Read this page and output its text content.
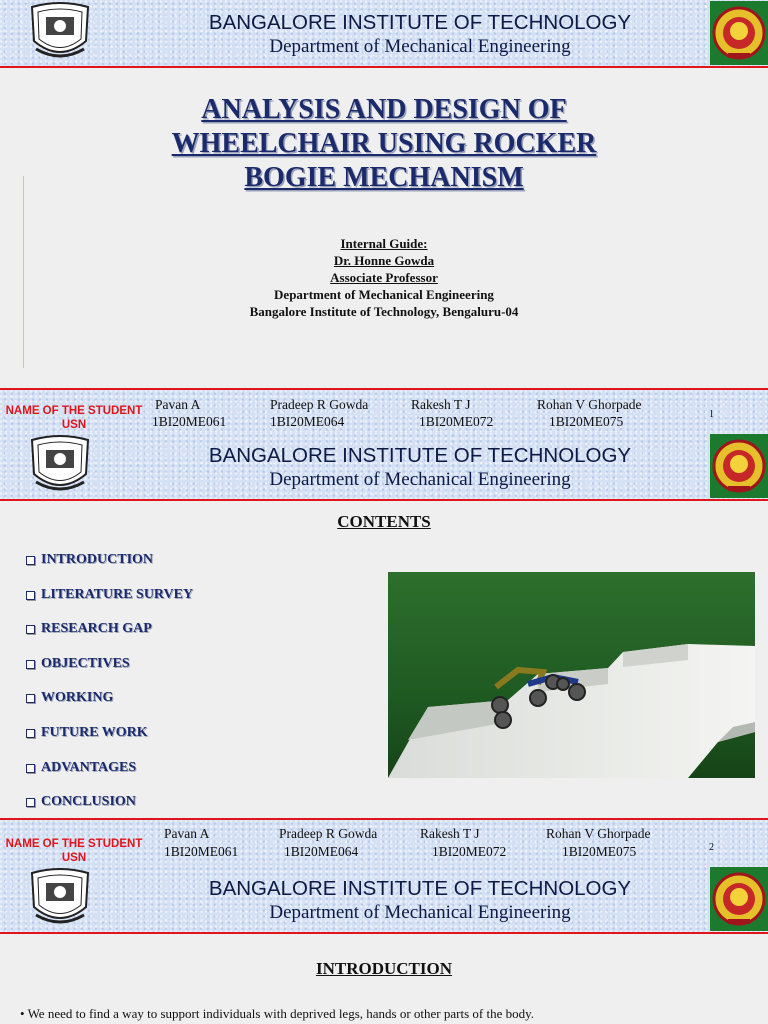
BANGALORE INSTITUTE OF TECHNOLOGY
Department of Mechanical Engineering
ANALYSIS AND DESIGN OF
WHEELCHAIR USING ROCKER
BOGIE MECHANISM
Internal Guide:
Dr. Honne Gowda
Associate Professor
Department of Mechanical Engineering
Bangalore Institute of Technology, Bengaluru-04
NAME OF THE STUDENT
USN
Pavan A
1BI20ME061
Pradeep R Gowda
1BI20ME064
Rakesh T J
1BI20ME072
Rohan V Ghorpade
1BI20ME075	1
BANGALORE INSTITUTE OF TECHNOLOGY
Department of Mechanical Engineering
CONTENTS
INTRODUCTION
LITERATURE SURVEY
RESEARCH GAP
OBJECTIVES
WORKING
FUTURE WORK
ADVANTAGES
CONCLUSION
NAME OF THE STUDENT
USN
Pavan A
1BI20ME061
Pradeep R Gowda
1BI20ME064
Rakesh T J
1BI20ME072
Rohan V Ghorpade
1BI20ME075	2
BANGALORE INSTITUTE OF TECHNOLOGY
Department of Mechanical Engineering
INTRODUCTION
• We need to find a way to support individuals with deprived legs, hands or other parts of the body.
